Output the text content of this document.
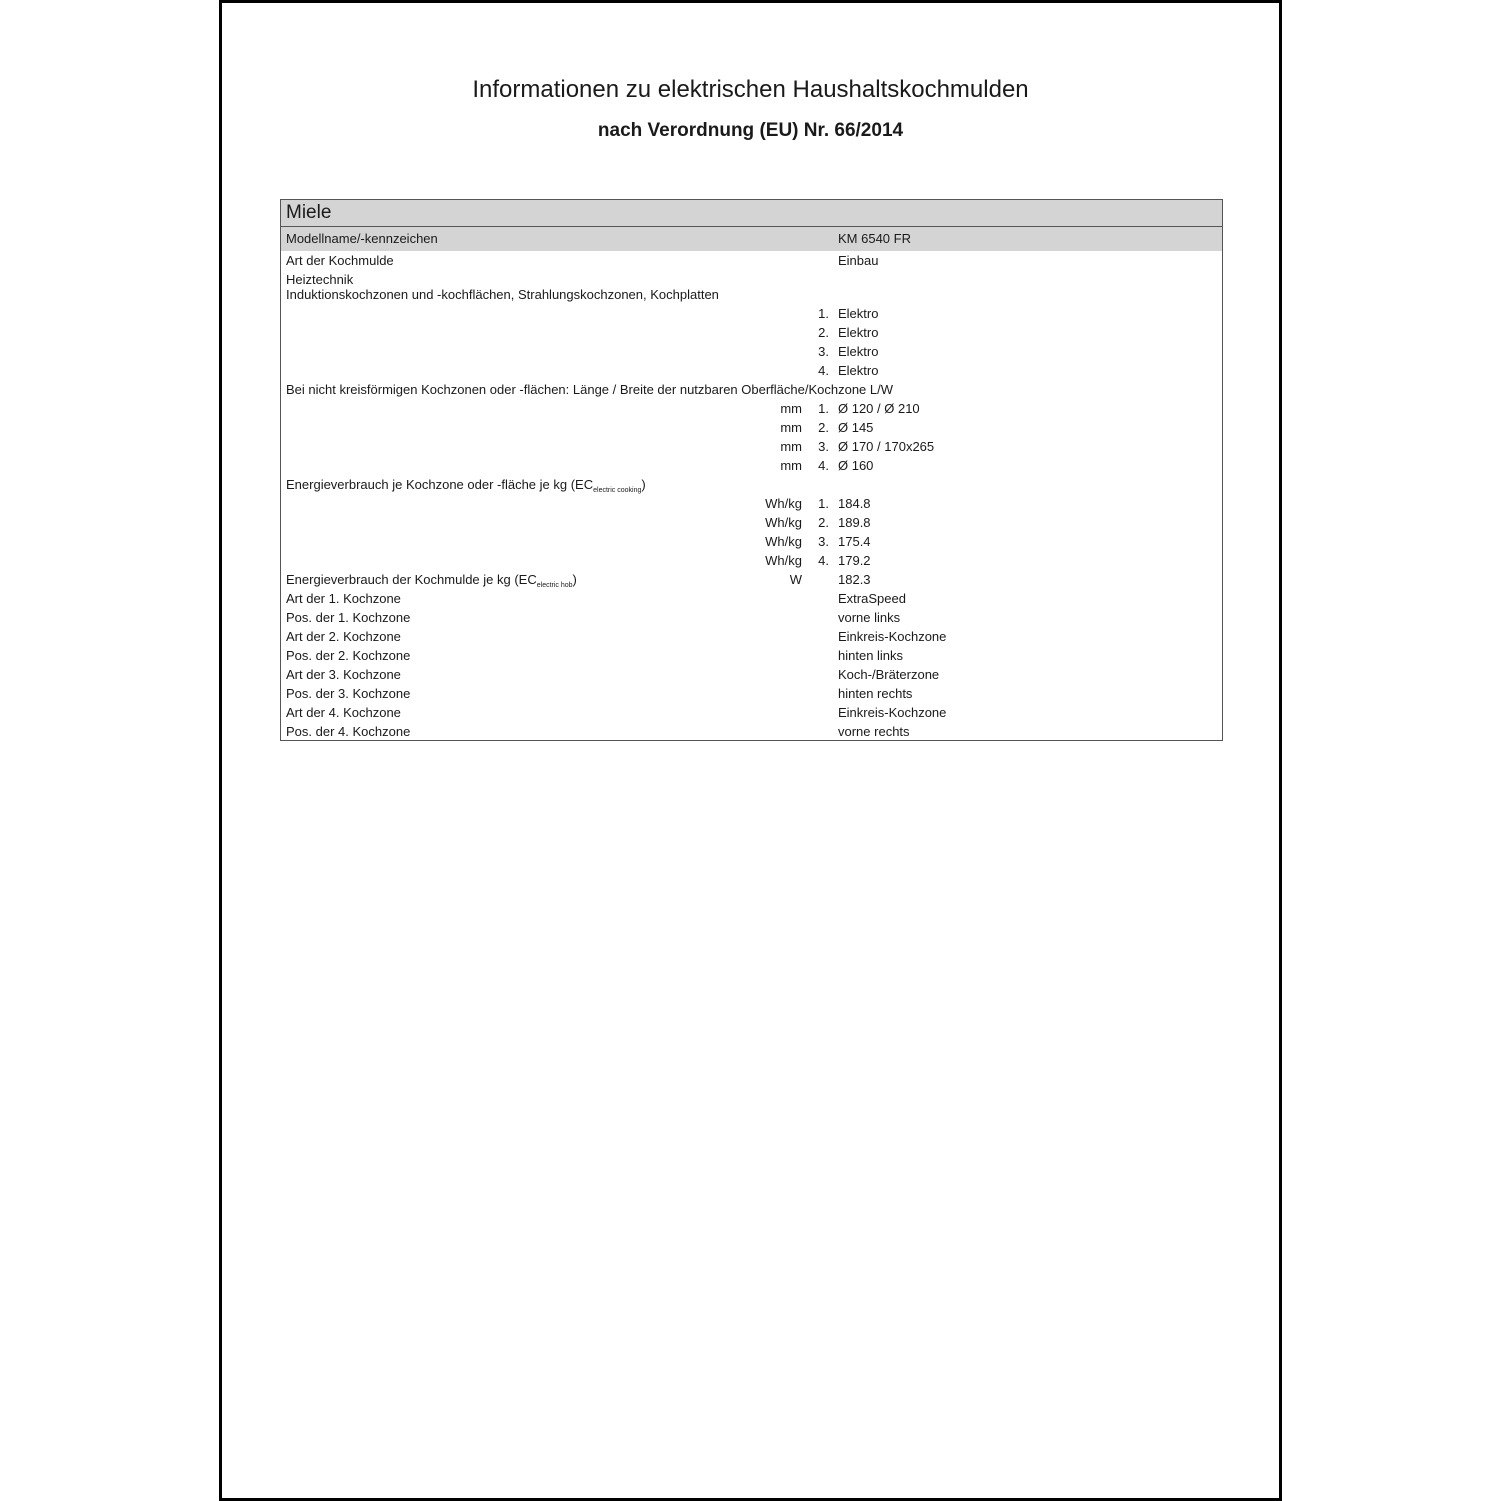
Informationen zu elektrischen Haushaltskochmulden
nach Verordnung (EU) Nr. 66/2014
Miele
Modellname/-kennzeichen	KM 6540 FR
Art der Kochmulde	Einbau
Heiztechnik
Induktionskochzonen und -kochflächen, Strahlungskochzonen, Kochplatten
1. Elektro
2. Elektro
3. Elektro
4. Elektro
Bei nicht kreisförmigen Kochzonen oder -flächen: Länge / Breite der nutzbaren Oberfläche/Kochzone L/W
mm 1. Ø 120 / Ø 210
mm 2. Ø 145
mm 3. Ø 170 / 170x265
mm 4. Ø 160
Energieverbrauch je Kochzone oder -fläche je kg $(EC_{electric cooking})$
Wh/kg 1. 184.8
Wh/kg 2. 189.8
Wh/kg 3. 175.4
Wh/kg 4. 179.2
Energieverbrauch der Kochmulde je kg $(EC_{electric hob})$	W	182.3
Art der 1. Kochzone	ExtraSpeed
Pos. der 1. Kochzone	vorne links
Art der 2. Kochzone	Einkreis-Kochzone
Pos. der 2. Kochzone	hinten links
Art der 3. Kochzone	Koch-/Bräterzone
Pos. der 3. Kochzone	hinten rechts
Art der 4. Kochzone	Einkreis-Kochzone
Pos. der 4. Kochzone	vorne rechts
